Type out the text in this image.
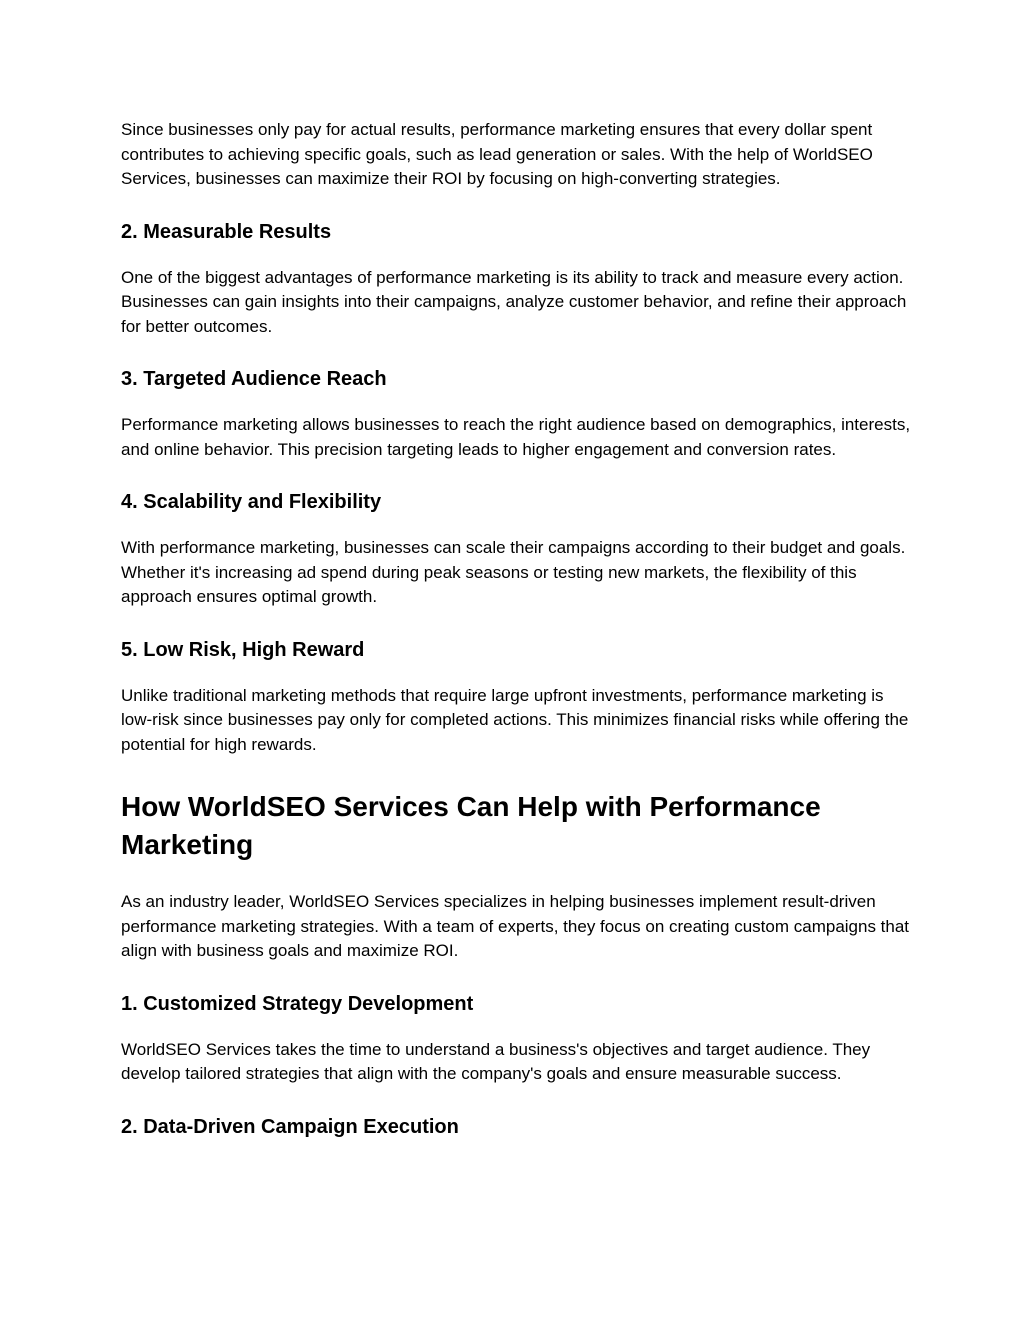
Since businesses only pay for actual results, performance marketing ensures that every dollar spent contributes to achieving specific goals, such as lead generation or sales. With the help of WorldSEO Services, businesses can maximize their ROI by focusing on high-converting strategies.

2. Measurable Results

One of the biggest advantages of performance marketing is its ability to track and measure every action. Businesses can gain insights into their campaigns, analyze customer behavior, and refine their approach for better outcomes.

3. Targeted Audience Reach

Performance marketing allows businesses to reach the right audience based on demographics, interests, and online behavior. This precision targeting leads to higher engagement and conversion rates.

4. Scalability and Flexibility

With performance marketing, businesses can scale their campaigns according to their budget and goals. Whether it's increasing ad spend during peak seasons or testing new markets, the flexibility of this approach ensures optimal growth.

5. Low Risk, High Reward

Unlike traditional marketing methods that require large upfront investments, performance marketing is low-risk since businesses pay only for completed actions. This minimizes financial risks while offering the potential for high rewards.

How WorldSEO Services Can Help with Performance Marketing

As an industry leader, WorldSEO Services specializes in helping businesses implement result-driven performance marketing strategies. With a team of experts, they focus on creating custom campaigns that align with business goals and maximize ROI.

1. Customized Strategy Development

WorldSEO Services takes the time to understand a business's objectives and target audience. They develop tailored strategies that align with the company's goals and ensure measurable success.

2. Data-Driven Campaign Execution
